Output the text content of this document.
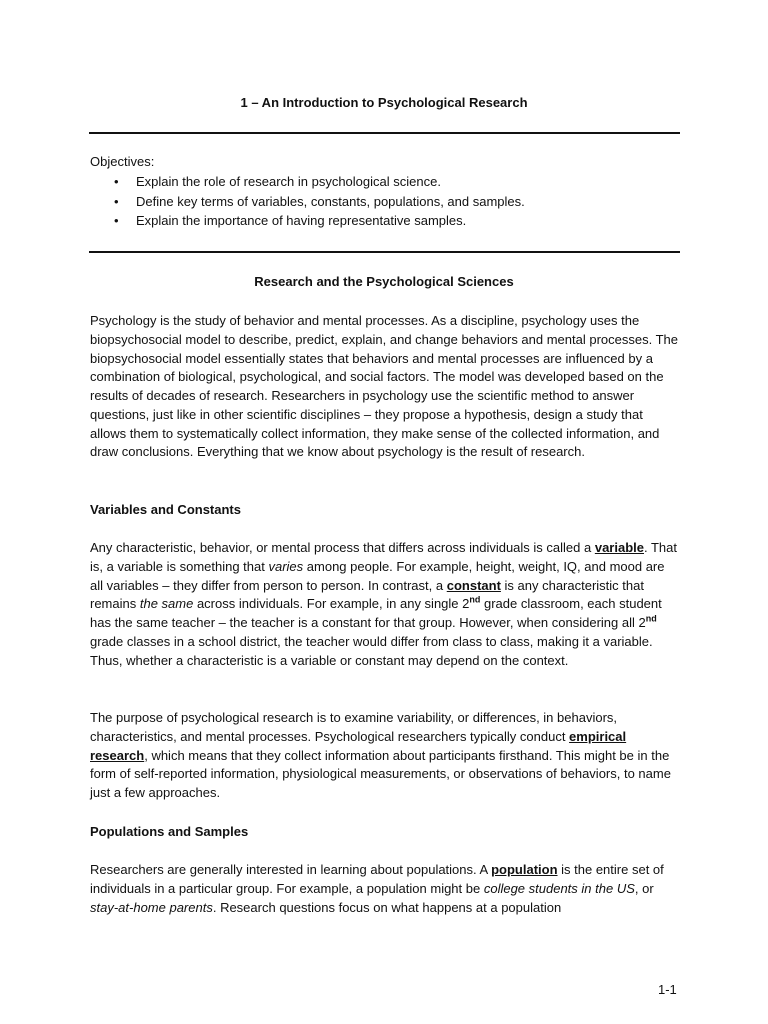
1 – An Introduction to Psychological Research
Objectives:
• Explain the role of research in psychological science.
• Define key terms of variables, constants, populations, and samples.
• Explain the importance of having representative samples.
Research and the Psychological Sciences

Psychology is the study of behavior and mental processes. As a discipline, psychology uses the biopsychosocial model to describe, predict, explain, and change behaviors and mental processes. The biopsychosocial model essentially states that behaviors and mental processes are influenced by a combination of biological, psychological, and social factors. The model was developed based on the results of decades of research. Researchers in psychology use the scientific method to answer questions, just like in other scientific disciplines – they propose a hypothesis, design a study that allows them to systematically collect information, they make sense of the collected information, and draw conclusions. Everything that we know about psychology is the result of research.

Variables and Constants

Any characteristic, behavior, or mental process that differs across individuals is called a variable. That is, a variable is something that varies among people. For example, height, weight, IQ, and mood are all variables – they differ from person to person. In contrast, a constant is any characteristic that remains the same across individuals. For example, in any single 2nd grade classroom, each student has the same teacher – the teacher is a constant for that group. However, when considering all 2nd grade classes in a school district, the teacher would differ from class to class, making it a variable. Thus, whether a characteristic is a variable or constant may depend on the context.

The purpose of psychological research is to examine variability, or differences, in behaviors, characteristics, and mental processes. Psychological researchers typically conduct empirical research, which means that they collect information about participants firsthand. This might be in the form of self-reported information, physiological measurements, or observations of behaviors, to name just a few approaches.

Populations and Samples

Researchers are generally interested in learning about populations. A population is the entire set of individuals in a particular group. For example, a population might be college students in the US, or stay-at-home parents. Research questions focus on what happens at a population

1-1
